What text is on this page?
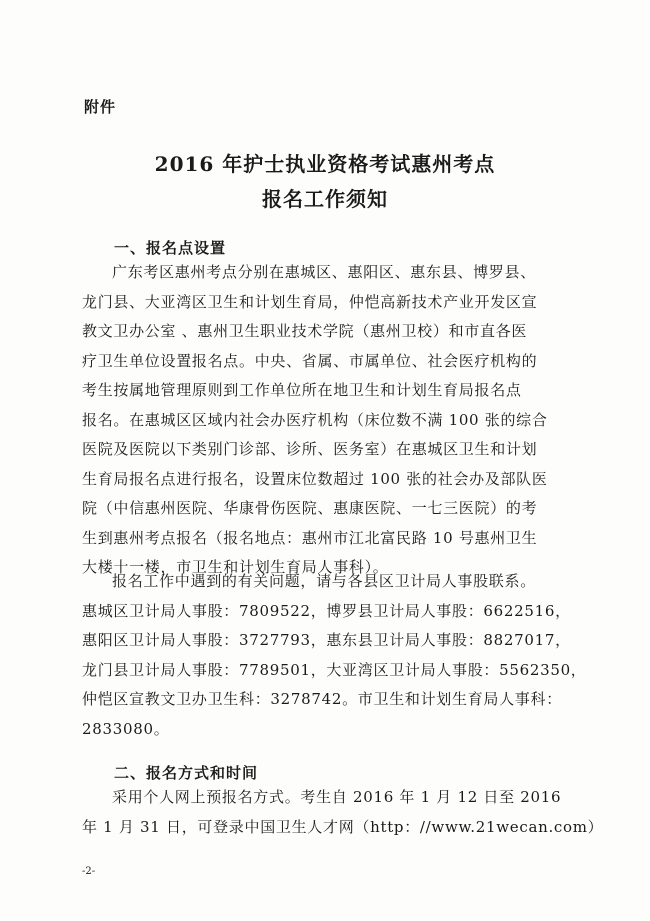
附件
2016 年护士执业资格考试惠州考点
报名工作须知
一、报名点设置

广东考区惠州考点分别在惠城区、惠阳区、惠东县、博罗县、

龙门县、大亚湾区卫生和计划生育局，仲恺高新技术产业开发区宣

教文卫办公室 、惠州卫生职业技术学院（惠州卫校）和市直各医

疗卫生单位设置报名点。中央、省属、市属单位、社会医疗机构的

考生按属地管理原则到工作单位所在地卫生和计划生育局报名点

报名。在惠城区区域内社会办医疗机构（床位数不满 100 张的综合

医院及医院以下类别门诊部、诊所、医务室）在惠城区卫生和计划

生育局报名点进行报名，设置床位数超过 100 张的社会办及部队医

院（中信惠州医院、华康骨伤医院、惠康医院、一七三医院）的考

生到惠州考点报名（报名地点：惠州市江北富民路 10 号惠州卫生

大楼十一楼，市卫生和计划生育局人事科）。

报名工作中遇到的有关问题，请与各县区卫计局人事股联系。

惠城区卫计局人事股：7809522，博罗县卫计局人事股：6622516，

惠阳区卫计局人事股：3727793，惠东县卫计局人事股：8827017，

龙门县卫计局人事股：7789501，大亚湾区卫计局人事股：5562350，

仲恺区宣教文卫办卫生科：3278742。市卫生和计划生育局人事科：

2833080。

二、报名方式和时间

采用个人网上预报名方式。考生自 2016 年 1 月 12 日至 2016

年 1 月 31 日，可登录中国卫生人才网（http：//www.21wecan.com）

-2-
